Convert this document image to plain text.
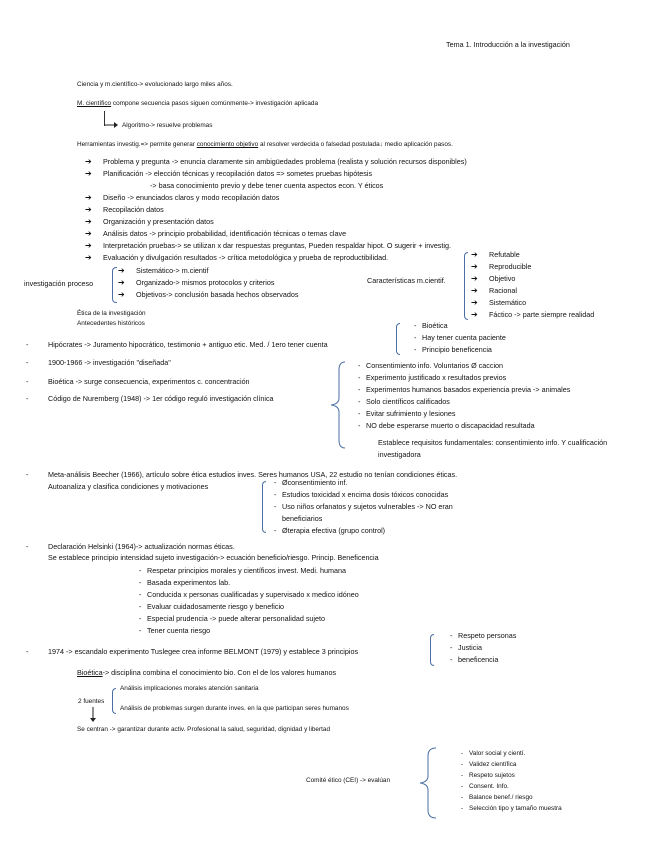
Tema 1. Introducción a la investigación
Ciencia y m.científico-> evolucionado largo miles años.
M. científico compone secuencia pasos siguen comúnmente-> investigación aplicada
Algoritmo-> resuelve problemas
Herramientas investig.=> permite generar conocimiento objetivo al resolver verdecida o falsedad postulada↓ medio aplicación pasos.
➔ Problema y pregunta -> enuncia claramente sin ambigüedades problema (realista y solución recursos disponibles)
➔ Planificación -> elección técnicas y recopilación datos => sometes pruebas hipótesis
-> basa conocimiento previo y debe tener cuenta aspectos econ. Y éticos
➔ Diseño -> enunciados claros y modo recopilación datos
➔ Recopilación datos
➔ Organización y presentación datos
➔ Análisis datos -> principio probabilidad, identificación técnicas o temas clave
➔ Interpretación pruebas-> se utilizan x dar respuestas preguntas, Pueden respaldar hipot. O sugerir + investig.
➔ Evaluación y divulgación resultados -> crítica metodológica y prueba de reproductibilidad.
investigación proceso
➔ Sistemático-> m.cientif
➔ Organizado-> mismos protocolos y criterios
➔ Objetivos-> conclusión basada hechos observados
Características m.cientif.
➔ Refutable
➔ Reproducible
➔ Objetivo
➔ Racional
➔ Sistemático
➔ Fáctico -> parte siempre realidad
Ética de la investigación
Antecedentes históricos
- Hipócrates -> Juramento hipocrático, testimonio + antiguo etic. Med. / 1ero tener cuenta
- Bioética
- Hay tener cuenta paciente
- Principio beneficencia
- 1900-1966 -> investigación "diseñada"
- Bioética -> surge consecuencia, experimentos c. concentración
- Código de Nuremberg (1948) -> 1er código reguló investigación clínica
- Consentimiento info. Voluntarios Ø caccion
- Experimento justificado x resultados previos
- Experimentos humanos basados experiencia previa -> animales
- Solo científicos calificados
- Evitar sufrimiento y lesiones
- NO debe esperarse muerto o discapacidad resultada
Establece requisitos fundamentales: consentimiento info. Y cualificación investigadora
- Meta-análisis Beecher (1966), artículo sobre ética estudios inves. Seres humanos USA, 22 estudio no tenían condiciones éticas.
Autoanaliza y clasifica condiciones y motivaciones
-	Øconsentimiento inf.
- Estudios toxicidad x encima dosis tóxicos conocidas
- Uso niños orfanatos y sujetos vulnerables -> NO eran
beneficiarios
- Øterapia efectiva (grupo control)
- Declaración Helsinki (1964)-> actualización normas éticas.
Se establece principio intensidad sujeto investigación-> ecuación beneficio/riesgo. Princip. Beneficencia
- Respetar principios morales y científicos invest. Medi. humana
- Basada experimentos lab.
- Conducida x personas cualificadas y supervisado x medico idóneo
- Evaluar cuidadosamente riesgo y beneficio
- Especial prudencia -> puede alterar personalidad sujeto
- Tener cuenta riesgo
- 1974 -> escandalo experimento Tuslegee crea informe BELMONT (1979) y establece 3 principios
- Respeto personas
- Justicia
- beneficencia
Bioética-> disciplina combina el conocimiento bio. Con el de los valores humanos
2 fuentes
Análisis implicaciones morales atención sanitaria
Análisis de problemas surgen durante inves. en la que participan seres humanos
Se centran -> garantizar durante activ. Profesional la salud, seguridad, dignidad y libertad
Comité ético (CEI) -> evalúan
- Valor social y cientí.
- Validez científica
- Respeto sujetos
- Consent. Info.
- Balance benef./ riesgo
- Selección tipo y tamaño muestra
